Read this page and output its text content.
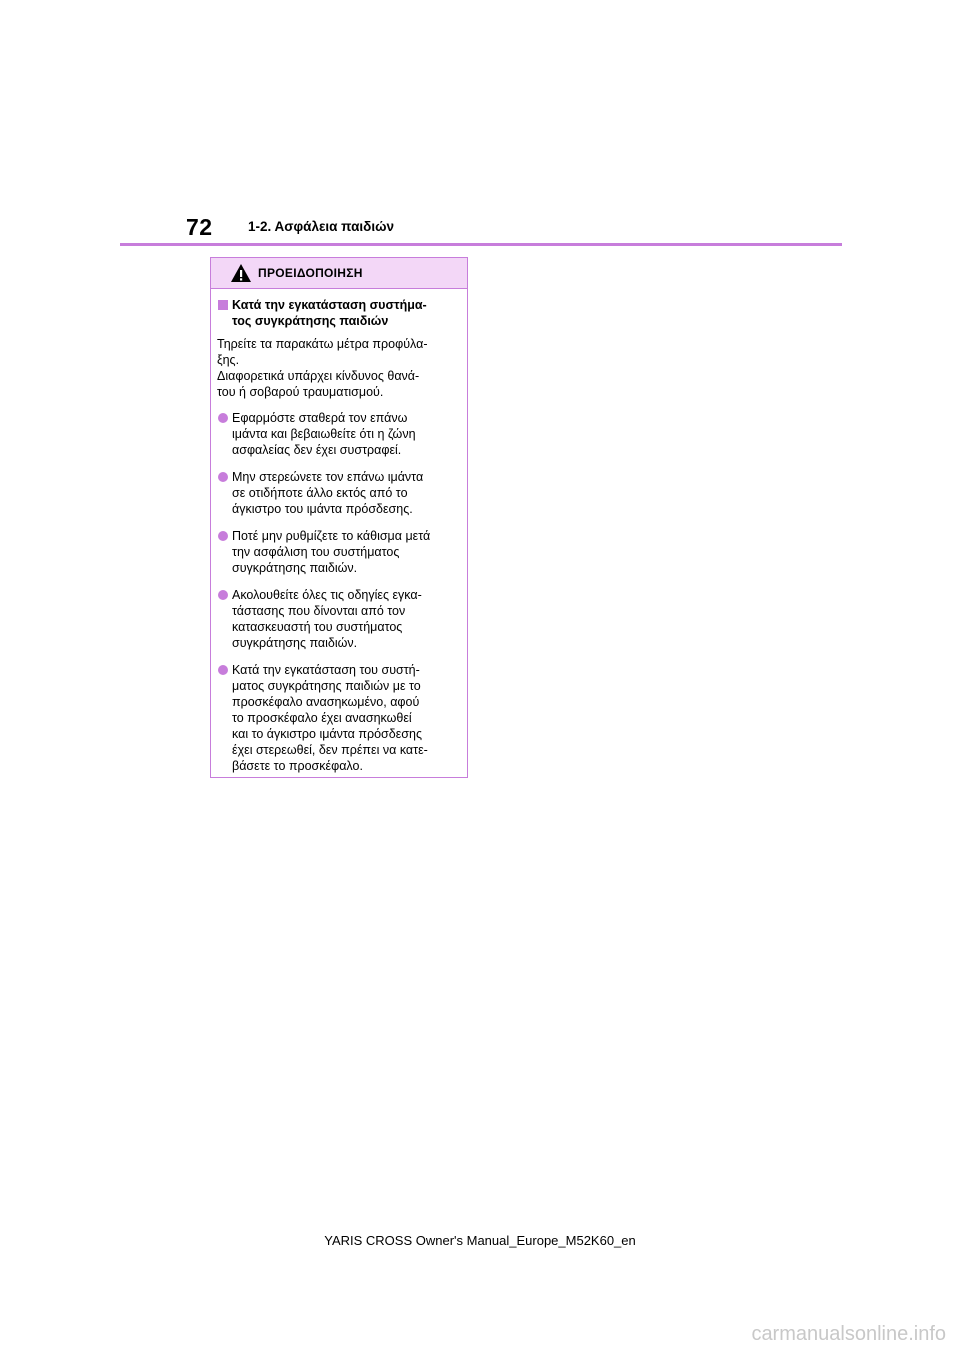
72	1-2. Ασφάλεια παιδιών
ΠΡΟΕΙΔΟΠΟΙΗΣΗ
Κατά την εγκατάσταση συστήμα-
τος συγκράτησης παιδιών
Τηρείτε τα παρακάτω μέτρα προφύλα-
ξης.
Διαφορετικά υπάρχει κίνδυνος θανά-
του ή σοβαρού τραυματισμού.
Εφαρμόστε σταθερά τον επάνω
ιμάντα και βεβαιωθείτε ότι η ζώνη
ασφαλείας δεν έχει συστραφεί.
Μην στερεώνετε τον επάνω ιμάντα
σε οτιδήποτε άλλο εκτός από το
άγκιστρο του ιμάντα πρόσδεσης.
Ποτέ μην ρυθμίζετε το κάθισμα μετά
την ασφάλιση του συστήματος
συγκράτησης παιδιών.
Ακολουθείτε όλες τις οδηγίες εγκα-
τάστασης που δίνονται από τον
κατασκευαστή του συστήματος
συγκράτησης παιδιών.
Κατά την εγκατάσταση του συστή-
ματος συγκράτησης παιδιών με το
προσκέφαλο ανασηκωμένο, αφού
το προσκέφαλο έχει ανασηκωθεί
και το άγκιστρο ιμάντα πρόσδεσης
έχει στερεωθεί, δεν πρέπει να κατε-
βάσετε το προσκέφαλο.
YARIS CROSS Owner's Manual_Europe_M52K60_en
carmanualsonline.info
